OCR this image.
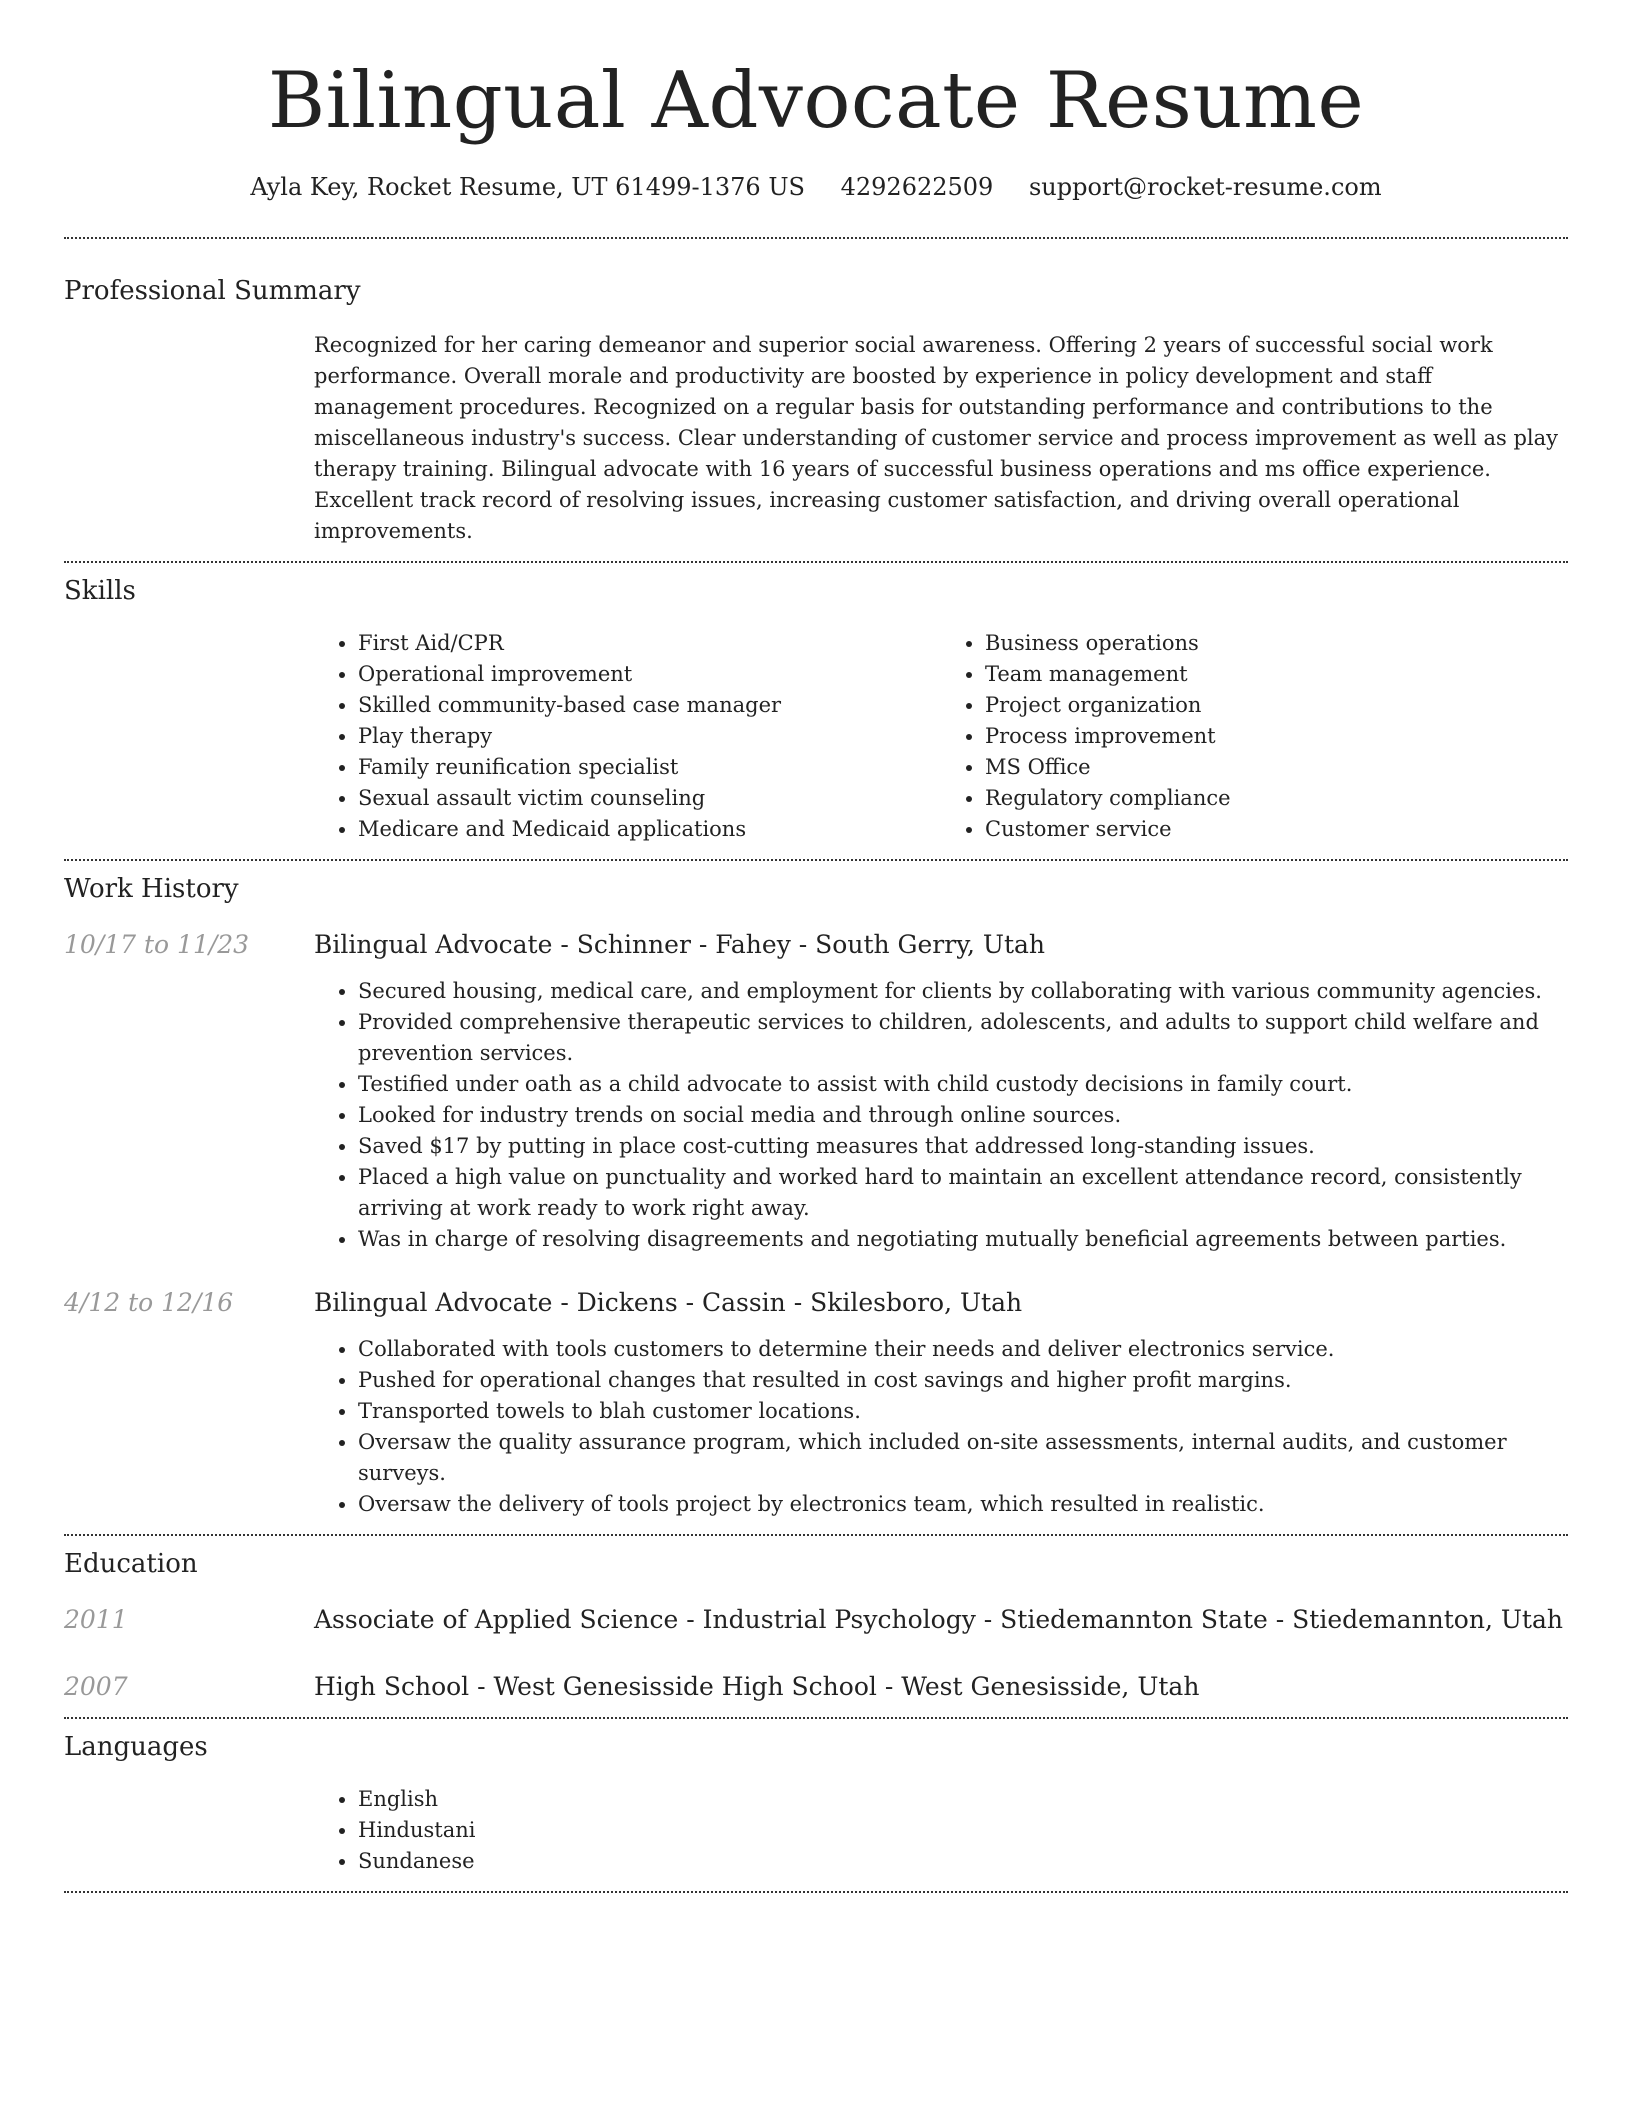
Bilingual Advocate Resume
Ayla Key, Rocket Resume, UT 61499-1376 US 4292622509 support@rocket-resume.com
Professional Summary

Recognized for her caring demeanor and superior social awareness. Offering 2 years of successful social work performance. Overall morale and productivity are boosted by experience in policy development and staff management procedures. Recognized on a regular basis for outstanding performance and contributions to the miscellaneous industry's success. Clear understanding of customer service and process improvement as well as play therapy training. Bilingual advocate with 16 years of successful business operations and ms office experience. Excellent track record of resolving issues, increasing customer satisfaction, and driving overall operational improvements.

Skills
• First Aid/CPR
• Operational improvement
• Skilled community-based case manager
• Play therapy
• Family reunification specialist
• Sexual assault victim counseling
• Medicare and Medicaid applications
• Business operations
• Team management
• Project organization
• Process improvement
• MS Office
• Regulatory compliance
• Customer service
Work History
10/17 to 11/23	Bilingual Advocate - Schinner - Fahey - South Gerry, Utah
• Secured housing, medical care, and employment for clients by collaborating with various community agencies.
• Provided comprehensive therapeutic services to children, adolescents, and adults to support child welfare and prevention services.
• Testified under oath as a child advocate to assist with child custody decisions in family court.
• Looked for industry trends on social media and through online sources.
• Saved $17 by putting in place cost-cutting measures that addressed long-standing issues.
• Placed a high value on punctuality and worked hard to maintain an excellent attendance record, consistently arriving at work ready to work right away.
• Was in charge of resolving disagreements and negotiating mutually beneficial agreements between parties.
4/12 to 12/16	Bilingual Advocate - Dickens - Cassin - Skilesboro, Utah
• Collaborated with tools customers to determine their needs and deliver electronics service.
• Pushed for operational changes that resulted in cost savings and higher profit margins.
• Transported towels to blah customer locations.
• Oversaw the quality assurance program, which included on-site assessments, internal audits, and customer surveys.
• Oversaw the delivery of tools project by electronics team, which resulted in realistic.
Education
2011	Associate of Applied Science - Industrial Psychology - Stiedemannton State - Stiedemannton, Utah
2007	High School - West Genesisside High School - West Genesisside, Utah
Languages
• English
• Hindustani
• Sundanese
